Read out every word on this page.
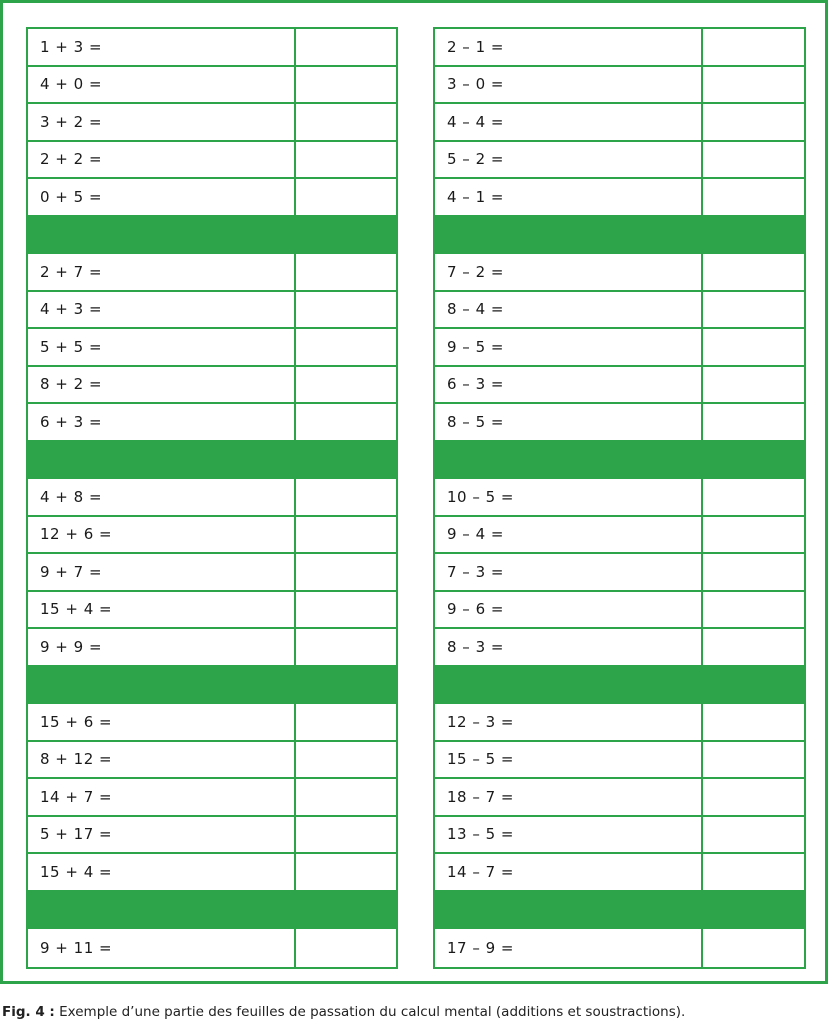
1 + 3 =
4 + 0 =
3 + 2 =
2 + 2 =
0 + 5 =
2 + 7 =
4 + 3 =
5 + 5 =
8 + 2 =
6 + 3 =
4 + 8 =
12 + 6 =
9 + 7 =
15 + 4 =
9 + 9 =
15 + 6 =
8 + 12 =
14 + 7 =
5 + 17 =
15 + 4 =
9 + 11 =
2 – 1 =
3 – 0 =
4 – 4 =
5 – 2 =
4 – 1 =
7 – 2 =
8 – 4 =
9 – 5 =
6 – 3 =
8 – 5 =
10 – 5 =
9 – 4 =
7 – 3 =
9 – 6 =
8 – 3 =
12 – 3 =
15 – 5 =
18 – 7 =
13 – 5 =
14 – 7 =
17 – 9 =
Fig. 4 : Exemple d’une partie des feuilles de passation du calcul mental (additions et soustractions).
